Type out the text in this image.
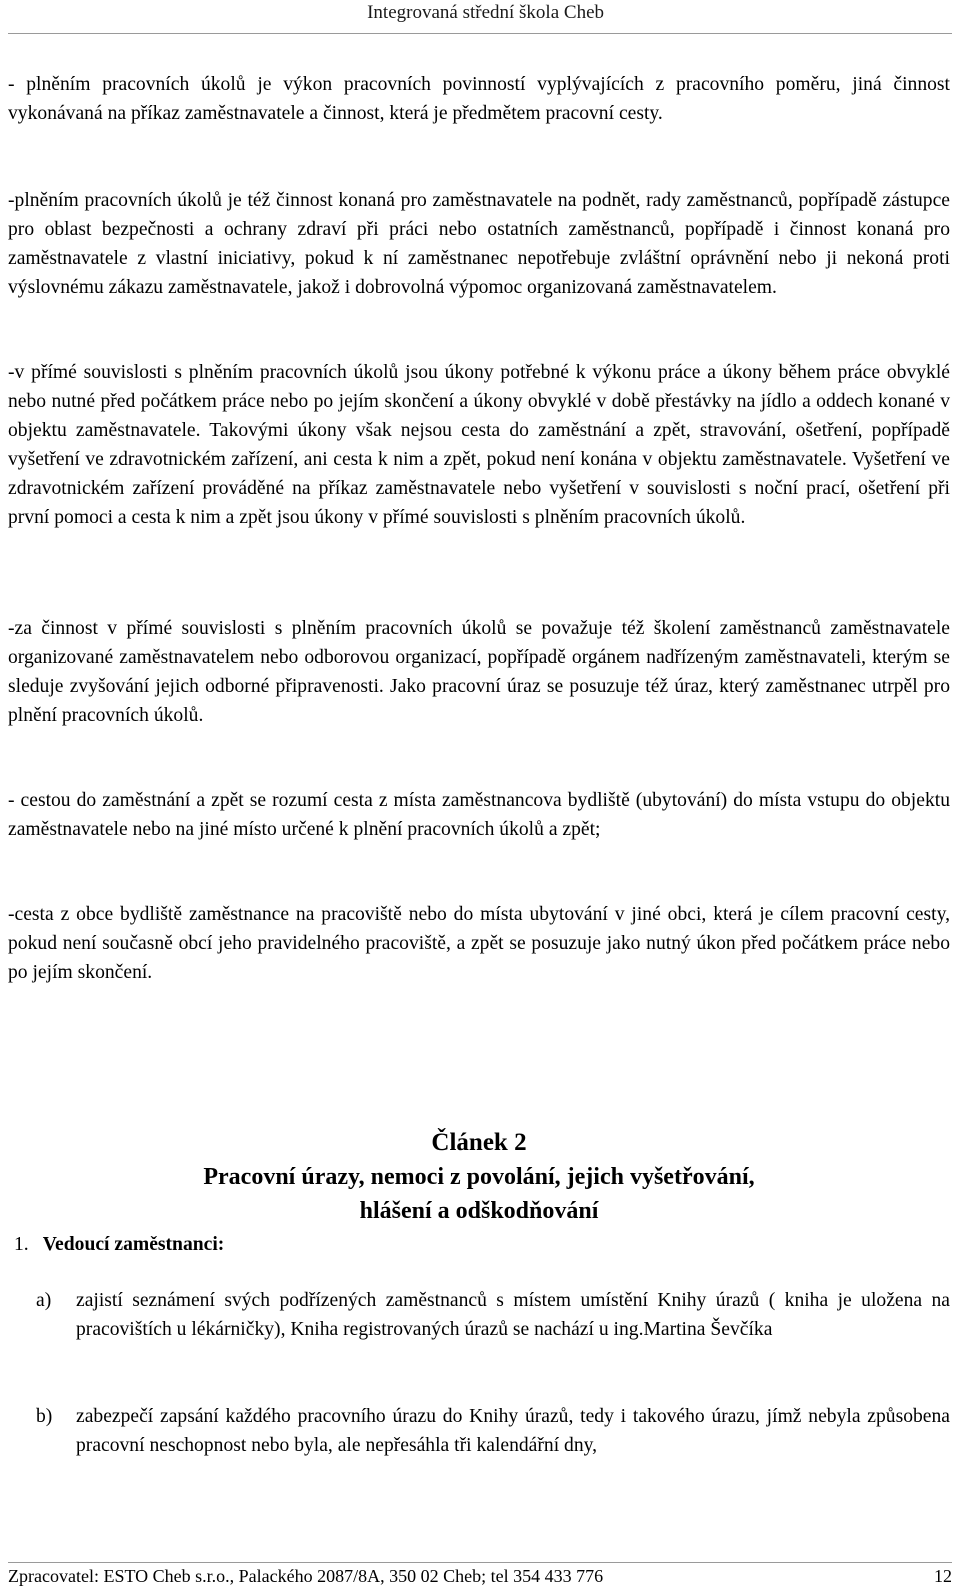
Integrovaná střední škola Cheb

- plněním pracovních úkolů je výkon pracovních povinností vyplývajících z pracovního poměru, jiná činnost vykonávaná na příkaz zaměstnavatele a činnost, která je předmětem pracovní cesty.

-plněním pracovních úkolů je též činnost konaná pro zaměstnavatele na podnět, rady zaměstnanců, popřípadě zástupce pro oblast bezpečnosti a ochrany zdraví při práci nebo ostatních zaměstnanců, popřípadě i činnost konaná pro zaměstnavatele z vlastní iniciativy, pokud k ní zaměstnanec nepotřebuje zvláštní oprávnění nebo ji nekoná proti výslovnému zákazu zaměstnavatele, jakož i dobrovolná výpomoc organizovaná zaměstnavatelem.

-v přímé souvislosti s plněním pracovních úkolů jsou úkony potřebné k výkonu práce a úkony během práce obvyklé nebo nutné před počátkem práce nebo po jejím skončení a úkony obvyklé v době přestávky na jídlo a oddech konané v objektu zaměstnavatele. Takovými úkony však nejsou cesta do zaměstnání a zpět, stravování, ošetření, popřípadě vyšetření ve zdravotnickém zařízení, ani cesta k nim a zpět, pokud není konána v objektu zaměstnavatele. Vyšetření ve zdravotnickém zařízení prováděné na příkaz zaměstnavatele nebo vyšetření v souvislosti s noční prací, ošetření při první pomoci a cesta k nim a zpět jsou úkony v přímé souvislosti s plněním pracovních úkolů.

-za činnost v přímé souvislosti s plněním pracovních úkolů se považuje též školení zaměstnanců zaměstnavatele organizované zaměstnavatelem nebo odborovou organizací, popřípadě orgánem nadřízeným zaměstnavateli, kterým se sleduje zvyšování jejich odborné připravenosti. Jako pracovní úraz se posuzuje též úraz, který zaměstnanec utrpěl pro plnění pracovních úkolů.

- cestou do zaměstnání a zpět se rozumí cesta z místa zaměstnancova bydliště (ubytování) do místa vstupu do objektu zaměstnavatele nebo na jiné místo určené k plnění pracovních úkolů a zpět;

-cesta z obce bydliště zaměstnance na pracoviště nebo do místa ubytování v jiné obci, která je cílem pracovní cesty, pokud není současně obcí jeho pravidelného pracoviště, a zpět se posuzuje jako nutný úkon před počátkem práce nebo po jejím skončení.

Článek 2
Pracovní úrazy, nemoci z povolání, jejich vyšetřování,
hlášení a odškodňování
1. Vedoucí zaměstnanci:
a) zajistí seznámení svých podřízených zaměstnanců s místem umístění Knihy úrazů ( kniha je uložena na pracovištích u lékárničky), Kniha registrovaných úrazů se nachází u ing.Martina Ševčíka
b) zabezpečí zapsání každého pracovního úrazu do Knihy úrazů, tedy i takového úrazu, jímž nebyla způsobena pracovní neschopnost nebo byla, ale nepřesáhla tři kalendářní dny,
Zpracovatel: ESTO Cheb s.r.o., Palackého 2087/8A, 350 02 Cheb; tel 354 433 776	12
